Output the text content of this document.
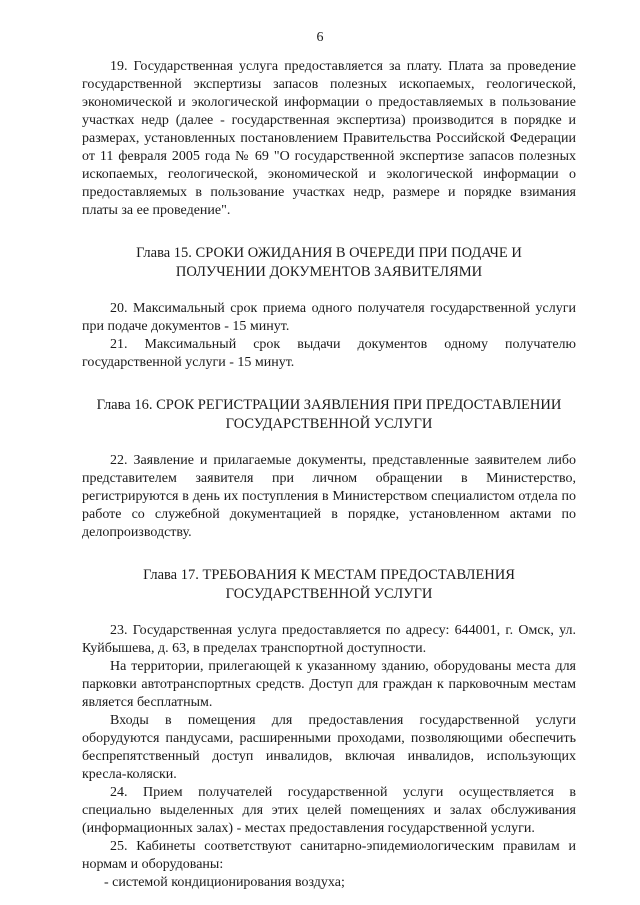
6

19. Государственная услуга предоставляется за плату. Плата за проведение государственной экспертизы запасов полезных ископаемых, геологической, экономической и экологической информации о предоставляемых в пользование участках недр (далее - государственная экспертиза) производится в порядке и размерах, установленных постановлением Правительства Российской Федерации от 11 февраля 2005 года № 69 "О государственной экспертизе запасов полезных ископаемых, геологической, экономической и экологической информации о предоставляемых в пользование участках недр, размере и порядке взимания платы за ее проведение".

Глава 15. СРОКИ ОЖИДАНИЯ В ОЧЕРЕДИ ПРИ ПОДАЧЕ И

ПОЛУЧЕНИИ ДОКУМЕНТОВ ЗАЯВИТЕЛЯМИ

20. Максимальный срок приема одного получателя государственной услуги при подаче документов - 15 минут.

21. Максимальный срок выдачи документов одному получателю государственной услуги - 15 минут.

Глава 16. СРОК РЕГИСТРАЦИИ ЗАЯВЛЕНИЯ ПРИ ПРЕДОСТАВЛЕНИИ

ГОСУДАРСТВЕННОЙ УСЛУГИ

22. Заявление и прилагаемые документы, представленные заявителем либо представителем заявителя при личном обращении в Министерство, регистрируются в день их поступления в Министерством специалистом отдела по работе со служебной документацией в порядке, установленном актами по делопроизводству.

Глава 17. ТРЕБОВАНИЯ К МЕСТАМ ПРЕДОСТАВЛЕНИЯ

ГОСУДАРСТВЕННОЙ УСЛУГИ

23. Государственная услуга предоставляется по адресу: 644001, г. Омск, ул. Куйбышева, д. 63, в пределах транспортной доступности.

На территории, прилегающей к указанному зданию, оборудованы места для парковки автотранспортных средств. Доступ для граждан к парковочным местам является бесплатным.

Входы в помещения для предоставления государственной услуги оборудуются пандусами, расширенными проходами, позволяющими обеспечить беспрепятственный доступ инвалидов, включая инвалидов, использующих кресла-коляски.

24. Прием получателей государственной услуги осуществляется в специально выделенных для этих целей помещениях и залах обслуживания (информационных залах) - местах предоставления государственной услуги.

25. Кабинеты соответствуют санитарно-эпидемиологическим правилам и нормам и оборудованы:

- системой кондиционирования воздуха;
